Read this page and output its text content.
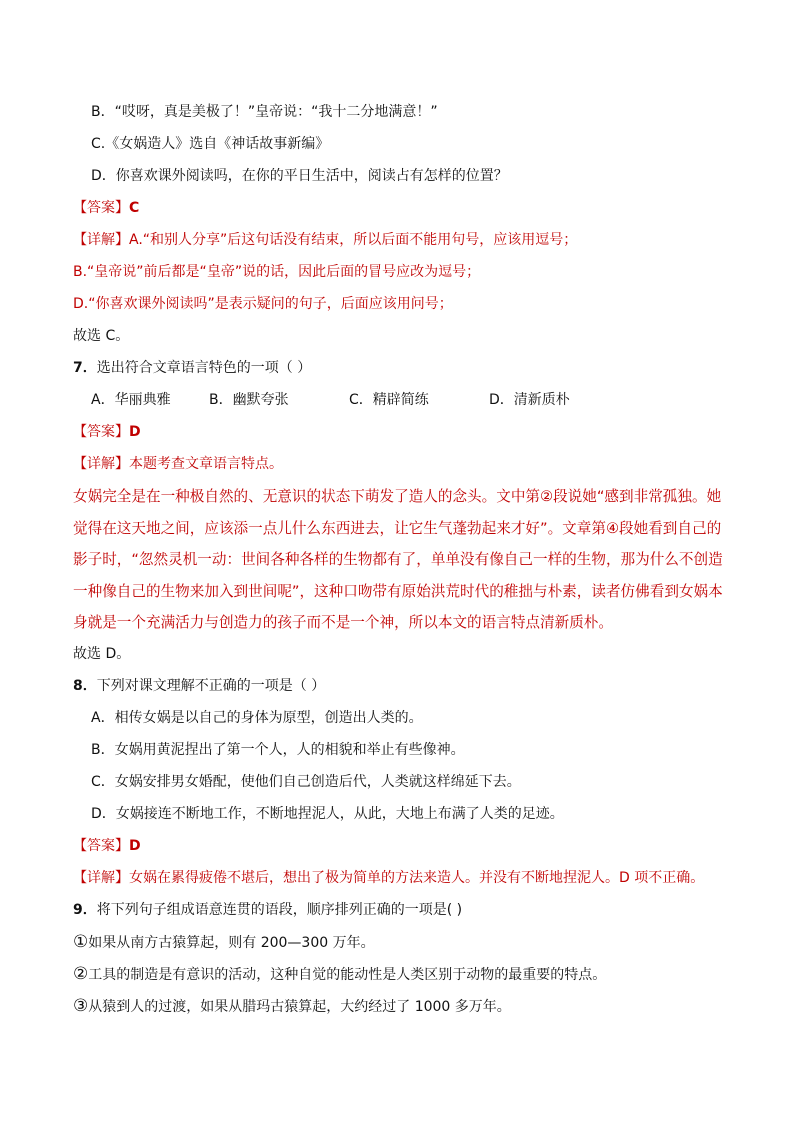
B．“哎呀，真是美极了！”皇帝说：“我十二分地满意！”
C.《女娲造人》选自《神话故事新编》
D．你喜欢课外阅读吗，在你的平日生活中，阅读占有怎样的位置？
【答案】C
【详解】A.“和别人分享”后这句话没有结束，所以后面不能用句号，应该用逗号；
B.“皇帝说”前后都是“皇帝”说的话，因此后面的冒号应改为逗号；
D.“你喜欢课外阅读吗”是表示疑问的句子，后面应该用问号；
故选 C。
7．选出符合文章语言特色的一项（ ）
A．华丽典雅	B．幽默夸张	C．精辟简练	D．清新质朴
【答案】D
【详解】本题考查文章语言特点。
女娲完全是在一种极自然的、无意识的状态下萌发了造人的念头。文中第②段说她“感到非常孤独。她觉得在这天地之间，应该添一点儿什么东西进去，让它生气蓬勃起来才好”。文章第④段她看到自己的影子时，“忽然灵机一动：世间各种各样的生物都有了，单单没有像自己一样的生物，那为什么不创造一种像自己的生物来加入到世间呢”，这种口吻带有原始洪荒时代的稚拙与朴素，读者仿佛看到女娲本身就是一个充满活力与创造力的孩子而不是一个神，所以本文的语言特点清新质朴。
故选 D。
8．下列对课文理解不正确的一项是（ ）
A．相传女娲是以自己的身体为原型，创造出人类的。
B．女娲用黄泥捏出了第一个人，人的相貌和举止有些像神。
C．女娲安排男女婚配，使他们自己创造后代，人类就这样绵延下去。
D．女娲接连不断地工作，不断地捏泥人，从此，大地上布满了人类的足迹。
【答案】D
【详解】女娲在累得疲倦不堪后，想出了极为简单的方法来造人。并没有不断地捏泥人。D 项不正确。
9．将下列句子组成语意连贯的语段，顺序排列正确的一项是( )
①如果从南方古猿算起，则有 200—300 万年。
②工具的制造是有意识的活动，这种自觉的能动性是人类区别于动物的最重要的特点。
③从猿到人的过渡，如果从腊玛古猿算起，大约经过了 1000 多万年。
